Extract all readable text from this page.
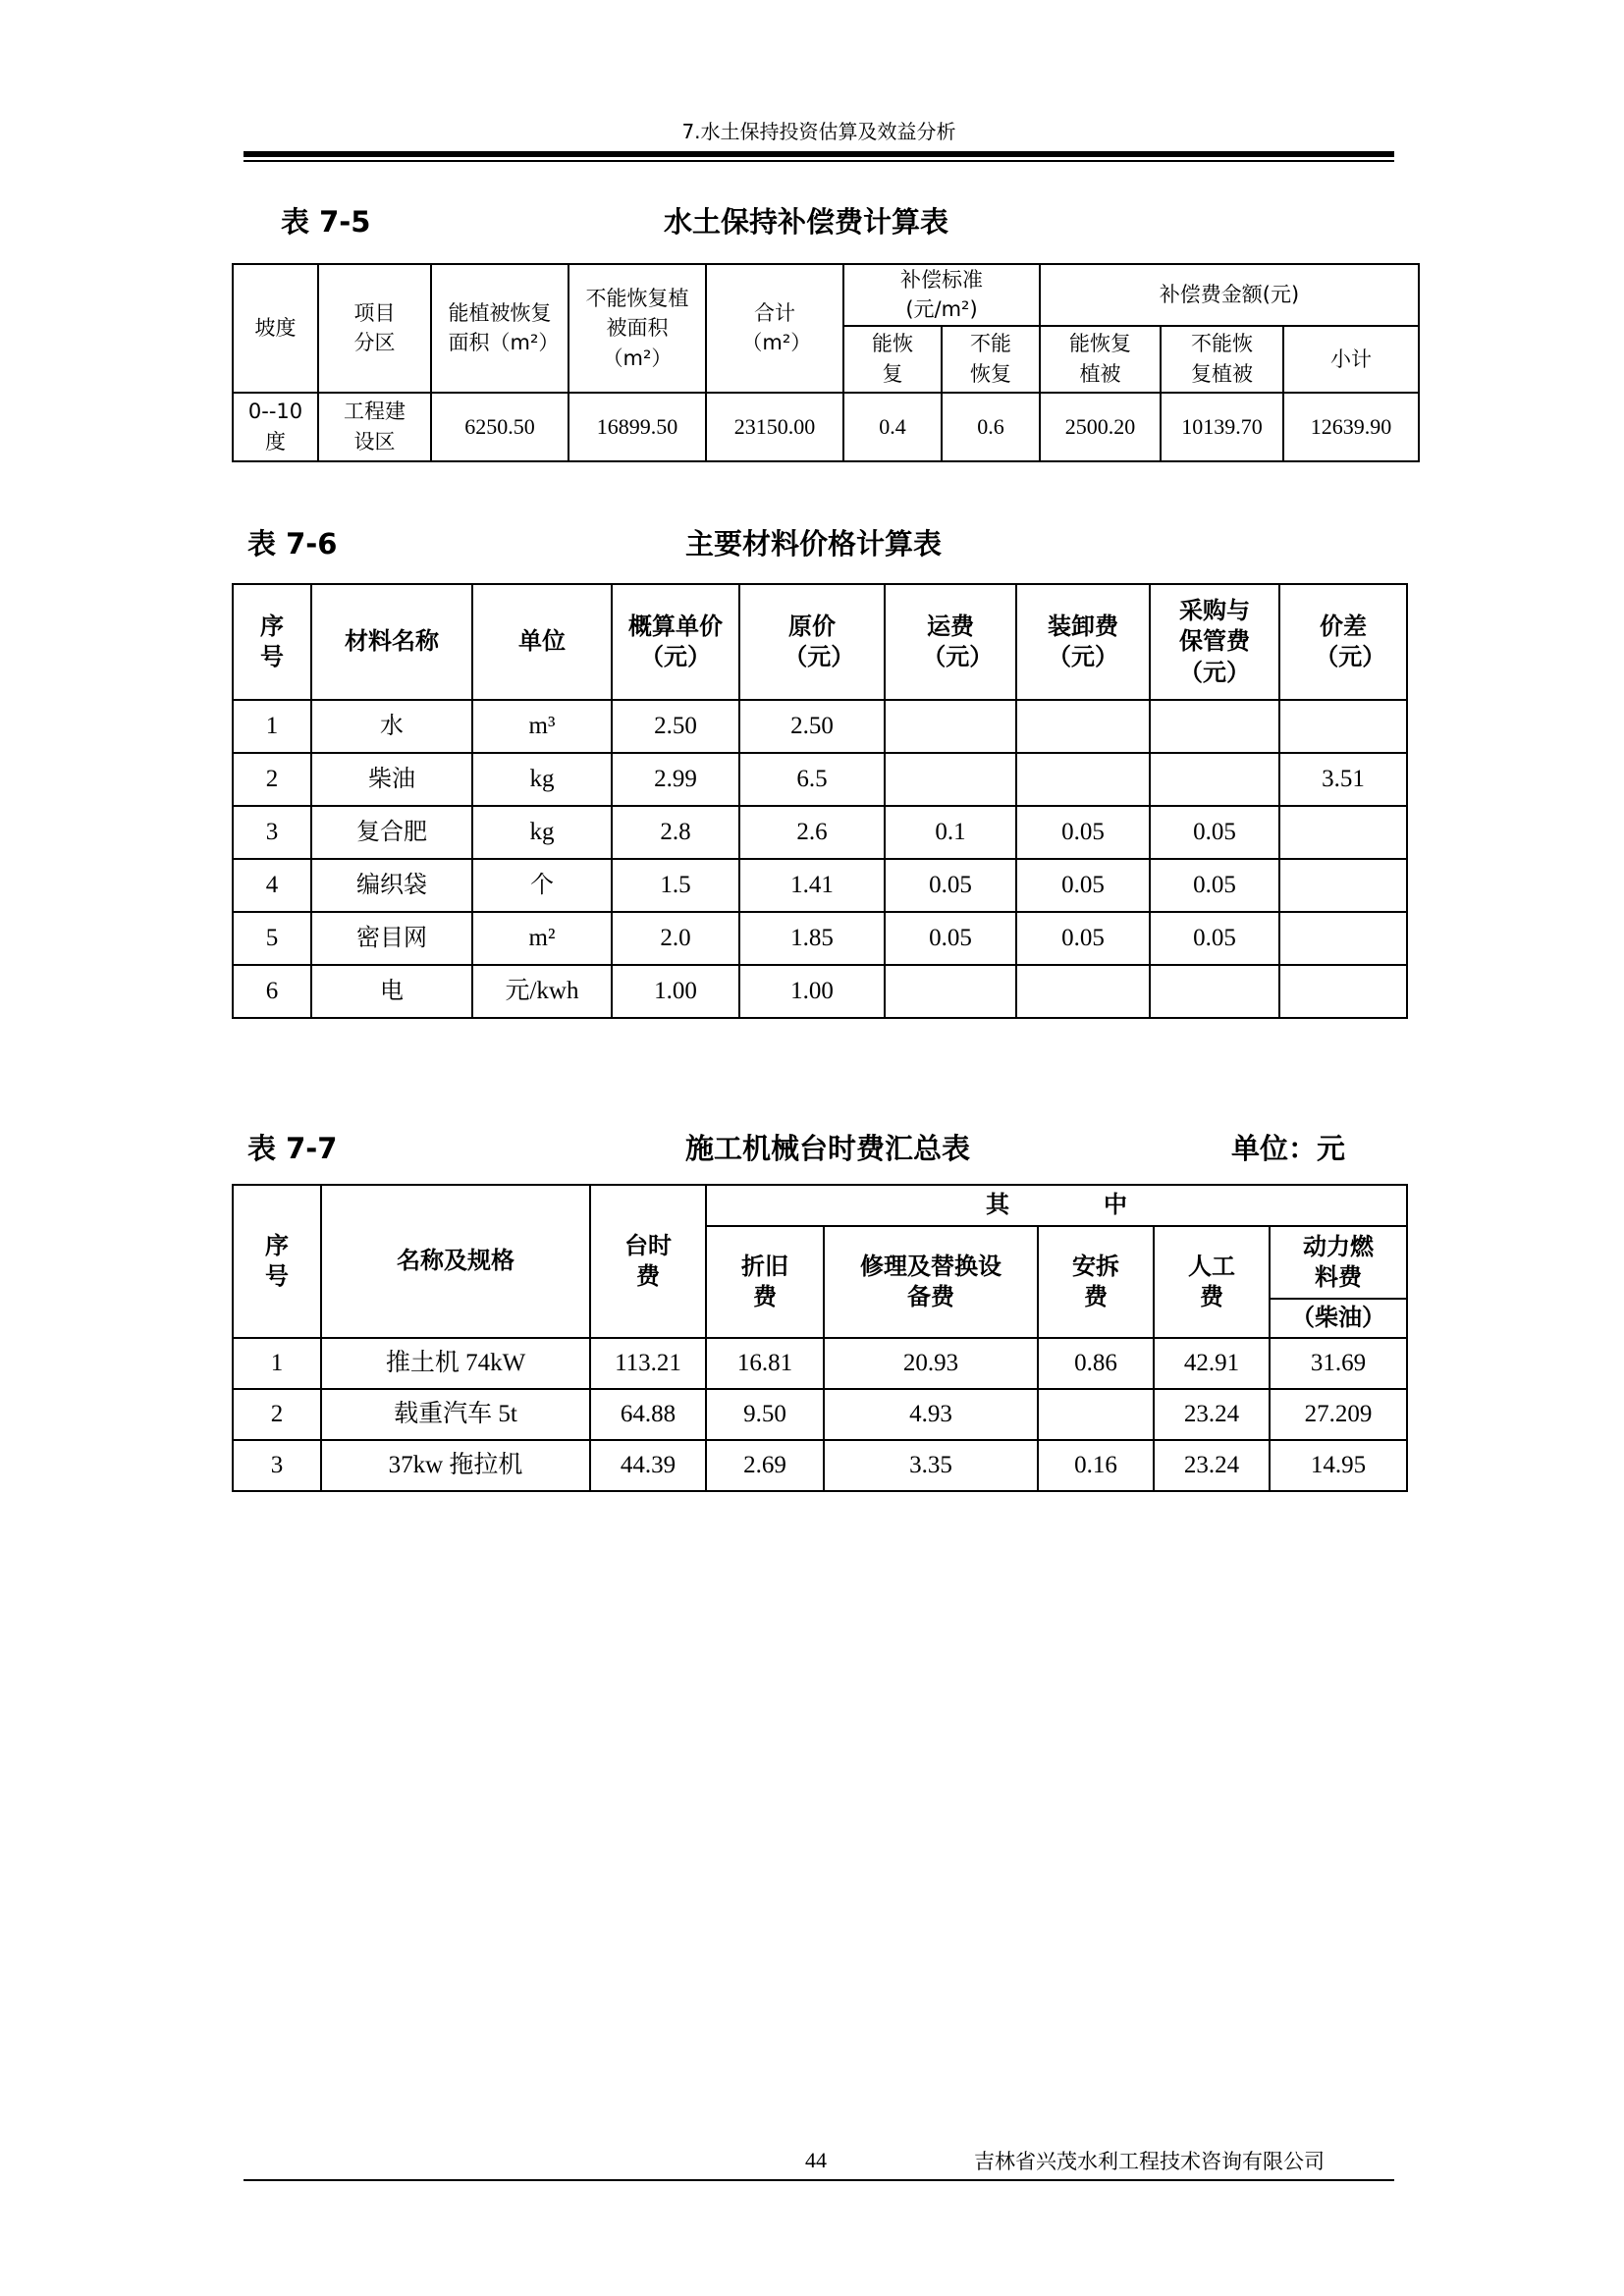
7.水土保持投资估算及效益分析
表 7-5	水土保持补偿费计算表
坡度	项目分区	能植被恢复面积（m²）	不能恢复植被面积（m²）	合计（m²）	补偿标准(元/m²)		补偿费金额(元)		

					能恢复	不能恢复	能恢复植被	不能恢复植被	小计

0--10度	工程建设区	6250.50	16899.50	23150.00	0.4	0.6	2500.20	10139.70	12639.90
表 7-6	主要材料价格计算表
序号	材料名称	单位	概算单价（元）	原价（元）	运费（元）	装卸费（元）	采购与保管费（元）	价差（元）

1	水	m³	2.50	2.50				
2	柴油	kg	2.99	6.5				3.51
3	复合肥	kg	2.8	2.6	0.1	0.05	0.05	
4	编织袋	个	1.5	1.41	0.05	0.05	0.05	
5	密目网	m²	2.0	1.85	0.05	0.05	0.05	
6	电	元/kwh	1.00	1.00				
表 7-7	施工机械台时费汇总表	单位：元
序号	名称及规格	台时费	其　　　　中				

			折旧费	修理及替换设备费	安拆费	人工费	动力燃料费

							（柴油）
1	推土机 74kW	113.21	16.81	20.93	0.86	42.91	31.69
2	载重汽车 5t	64.88	9.50	4.93		23.24	27.209
3	37kw 拖拉机	44.39	2.69	3.35	0.16	23.24	14.95
44	吉林省兴茂水利工程技术咨询有限公司
